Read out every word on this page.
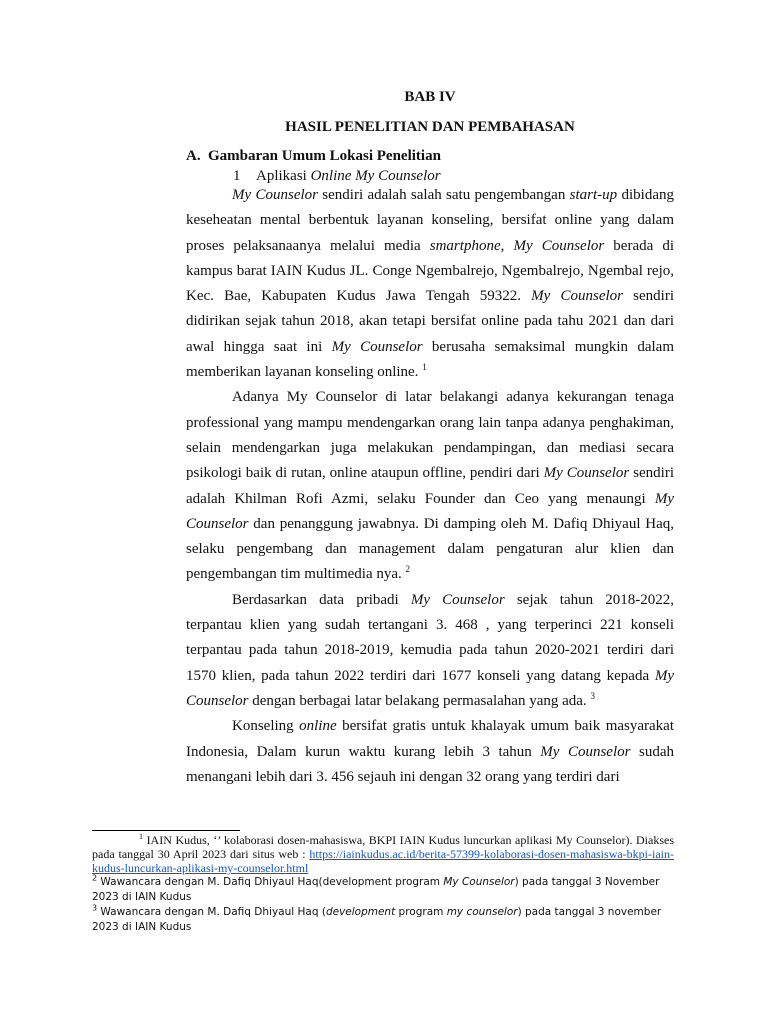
BAB IV

HASIL PENELITIAN DAN PEMBAHASAN

A. Gambaran Umum Lokasi Penelitian

1 Aplikasi Online My Counselor

My Counselor sendiri adalah salah satu pengembangan start-up dibidang keseheatan mental berbentuk layanan konseling, bersifat online yang dalam proses pelaksanaanya melalui media smartphone, My Counselor berada di kampus barat IAIN Kudus JL. Conge Ngembalrejo, Ngembalrejo, Ngembal rejo, Kec. Bae, Kabupaten Kudus Jawa Tengah 59322. My Counselor sendiri didirikan sejak tahun 2018, akan tetapi bersifat online pada tahu 2021 dan dari awal hingga saat ini My Counselor berusaha semaksimal mungkin dalam memberikan layanan konseling online. $^1$

Adanya My Counselor di latar belakangi adanya kekurangan tenaga professional yang mampu mendengarkan orang lain tanpa adanya penghakiman, selain mendengarkan juga melakukan pendampingan, dan mediasi secara psikologi baik di rutan, online ataupun offline, pendiri dari My Counselor sendiri adalah Khilman Rofi Azmi, selaku Founder dan Ceo yang menaungi My Counselor dan penanggung jawabnya. Di damping oleh M. Dafiq Dhiyaul Haq, selaku pengembang dan management dalam pengaturan alur klien dan pengembangan tim multimedia nya. $^2$

Berdasarkan data pribadi My Counselor sejak tahun 2018-2022, terpantau klien yang sudah tertangani 3. 468 , yang terperinci 221 konseli terpantau pada tahun 2018-2019, kemudia pada tahun 2020-2021 terdiri dari 1570 klien, pada tahun 2022 terdiri dari 1677 konseli yang datang kepada My Counselor dengan berbagai latar belakang permasalahan yang ada. $^3$

Konseling online bersifat gratis untuk khalayak umum baik masyarakat Indonesia, Dalam kurun waktu kurang lebih 3 tahun My Counselor sudah menangani lebih dari 3. 456 sejauh ini dengan 32 orang yang terdiri dari

$^1$ IAIN Kudus, ‘’ kolaborasi dosen-mahasiswa, BKPI IAIN Kudus luncurkan aplikasi My Counselor). Diakses pada tanggal 30 April 2023 dari situs web : https://iainkudus.ac.id/berita-57399-kolaborasi-dosen-mahasiswa-bkpi-iain-kudus-luncurkan-aplikasi-my-counselor.html

$^2$ Wawancara dengan M. Dafiq Dhiyaul Haq(development program My Counselor) pada tanggal 3 November 2023 di IAIN Kudus

$^3$ Wawancara dengan M. Dafiq Dhiyaul Haq (development program my counselor) pada tanggal 3 november 2023 di IAIN Kudus
